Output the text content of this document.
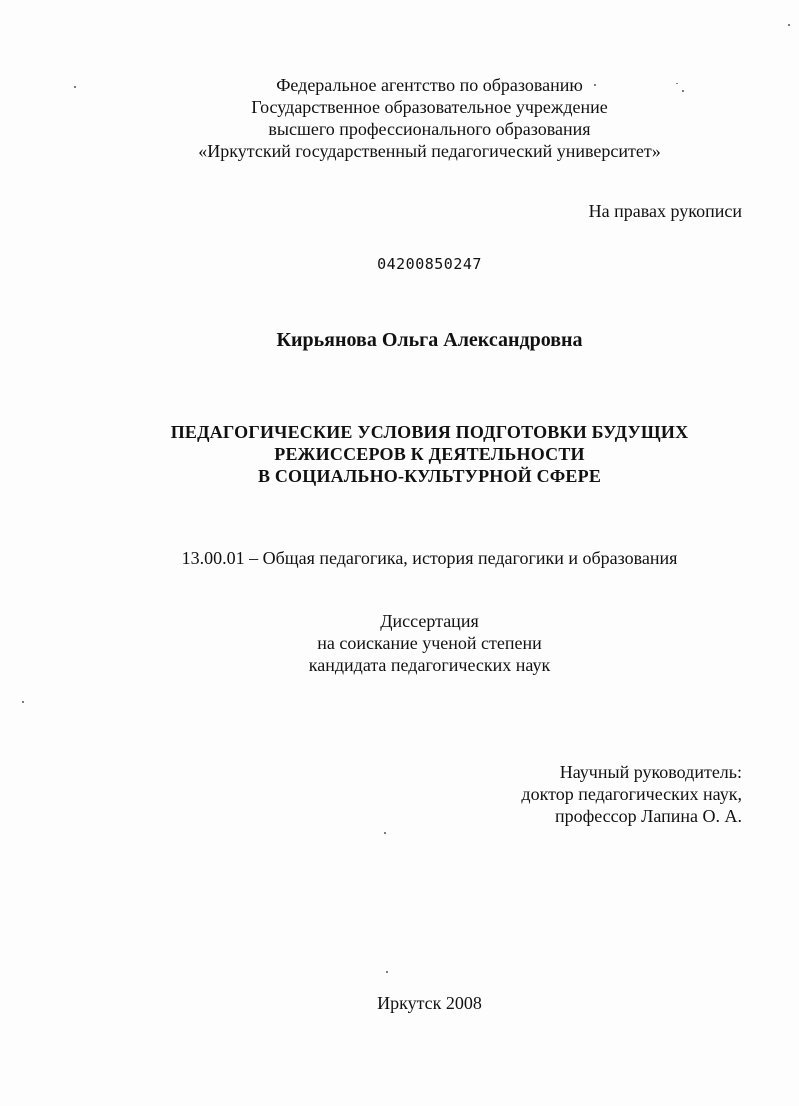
Федеральное агентство по образованию
Государственное образовательное учреждение
высшего профессионального образования
«Иркутский государственный педагогический университет»
На правах рукописи
04200850247
Кирьянова Ольга Александровна
ПЕДАГОГИЧЕСКИЕ УСЛОВИЯ ПОДГОТОВКИ БУДУЩИХ
РЕЖИССЕРОВ К ДЕЯТЕЛЬНОСТИ
В СОЦИАЛЬНО-КУЛЬТУРНОЙ СФЕРЕ
13.00.01 – Общая педагогика, история педагогики и образования
Диссертация
на соискание ученой степени
кандидата педагогических наук
Научный руководитель:
доктор педагогических наук,
профессор Лапина О. А.
Иркутск 2008
